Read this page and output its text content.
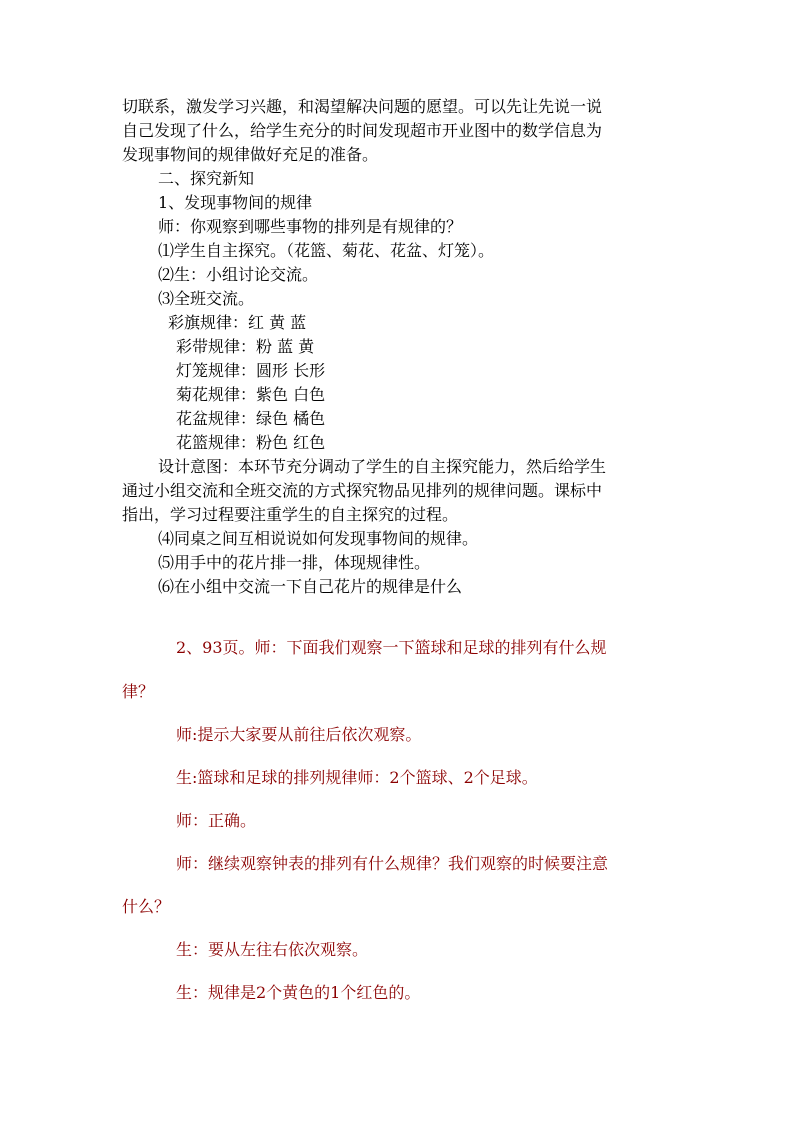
切联系，激发学习兴趣，和渴望解决问题的愿望。可以先让先说一说
自己发现了什么，给学生充分的时间发现超市开业图中的数学信息为
发现事物间的规律做好充足的准备。
二、探究新知
1、发现事物间的规律
师：你观察到哪些事物的排列是有规律的？
⑴学生自主探究。（花篮、菊花、花盆、灯笼）。
⑵生：小组讨论交流。
⑶全班交流。
彩旗规律：红 黄 蓝
彩带规律：粉 蓝 黄
灯笼规律：圆形 长形
菊花规律：紫色 白色
花盆规律：绿色 橘色
花篮规律：粉色 红色
设计意图：本环节充分调动了学生的自主探究能力，然后给学生
通过小组交流和全班交流的方式探究物品见排列的规律问题。课标中
指出，学习过程要注重学生的自主探究的过程。
⑷同桌之间互相说说如何发现事物间的规律。
⑸用手中的花片排一排，体现规律性。
⑹在小组中交流一下自己花片的规律是什么
2、93页。师：下面我们观察一下篮球和足球的排列有什么规
律？
师:提示大家要从前往后依次观察。
生:篮球和足球的排列规律师：2个篮球、2个足球。
师：正确。
师：继续观察钟表的排列有什么规律？我们观察的时候要注意
什么？
生：要从左往右依次观察。
生：规律是2个黄色的1个红色的。
